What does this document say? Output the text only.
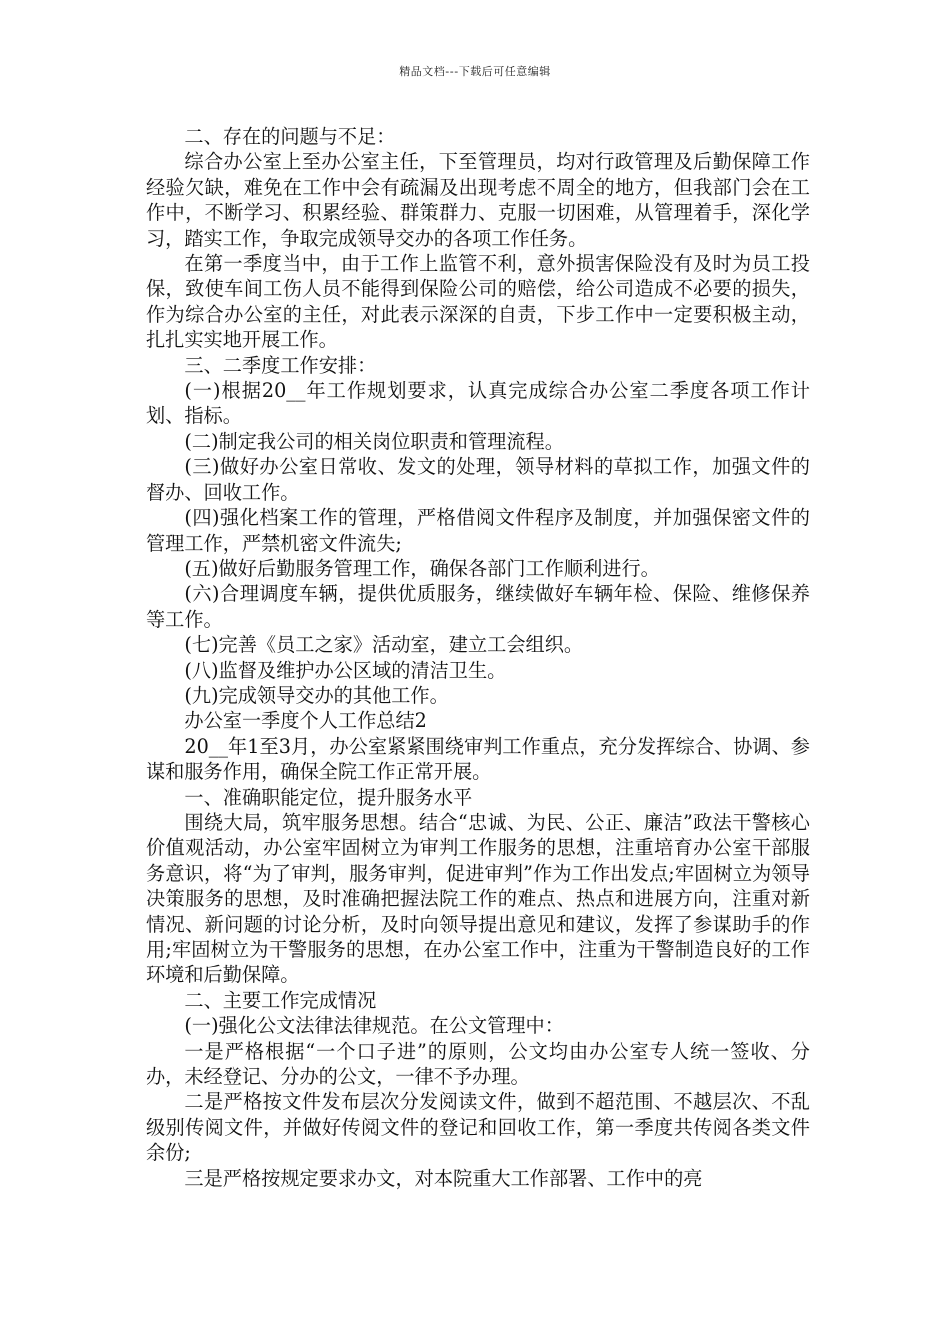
精品文档---下载后可任意编辑

二、存在的问题与不足：

综合办公室上至办公室主任，下至管理员，均对行政管理及后勤保障工作经验欠缺，难免在工作中会有疏漏及出现考虑不周全的地方，但我部门会在工作中，不断学习、积累经验、群策群力、克服一切困难，从管理着手，深化学习，踏实工作，争取完成领导交办的各项工作任务。

在第一季度当中，由于工作上监管不利，意外损害保险没有及时为员工投保，致使车间工伤人员不能得到保险公司的赔偿，给公司造成不必要的损失，作为综合办公室的主任，对此表示深深的自责，下步工作中一定要积极主动，扎扎实实地开展工作。

三、二季度工作安排：

(一)根据20__年工作规划要求，认真完成综合办公室二季度各项工作计划、指标。

(二)制定我公司的相关岗位职责和管理流程。

(三)做好办公室日常收、发文的处理，领导材料的草拟工作，加强文件的督办、回收工作。

(四)强化档案工作的管理，严格借阅文件程序及制度，并加强保密文件的管理工作，严禁机密文件流失;

(五)做好后勤服务管理工作，确保各部门工作顺利进行。

(六)合理调度车辆，提供优质服务，继续做好车辆年检、保险、维修保养等工作。

(七)完善《员工之家》活动室，建立工会组织。

(八)监督及维护办公区域的清洁卫生。

(九)完成领导交办的其他工作。

办公室一季度个人工作总结2

20__年1至3月，办公室紧紧围绕审判工作重点，充分发挥综合、协调、参谋和服务作用，确保全院工作正常开展。

一、准确职能定位，提升服务水平

围绕大局，筑牢服务思想。结合“忠诚、为民、公正、廉洁”政法干警核心价值观活动，办公室牢固树立为审判工作服务的思想，注重培育办公室干部服务意识，将“为了审判，服务审判，促进审判”作为工作出发点;牢固树立为领导决策服务的思想，及时准确把握法院工作的难点、热点和进展方向，注重对新情况、新问题的讨论分析，及时向领导提出意见和建议，发挥了参谋助手的作用;牢固树立为干警服务的思想，在办公室工作中，注重为干警制造良好的工作环境和后勤保障。

二、主要工作完成情况

(一)强化公文法律法律规范。在公文管理中：

一是严格根据“一个口子进”的原则，公文均由办公室专人统一签收、分办，未经登记、分办的公文，一律不予办理。

二是严格按文件发布层次分发阅读文件，做到不超范围、不越层次、不乱级别传阅文件，并做好传阅文件的登记和回收工作，第一季度共传阅各类文件余份;

三是严格按规定要求办文，对本院重大工作部署、工作中的亮
